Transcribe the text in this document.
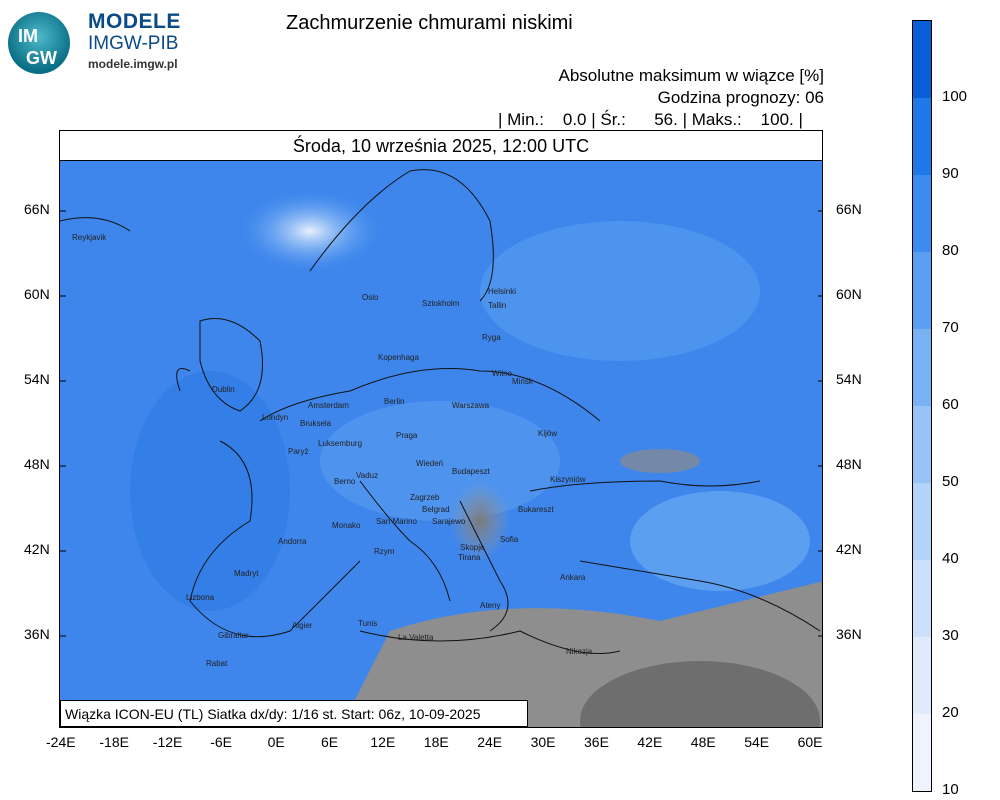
IM
GW
MODELE
IMGW-PIB
modele.imgw.pl
Zachmurzenie chmurami niskimi
Absolutne maksimum w wiązce [%]
Godzina prognozy: 06
| Min.:    0.0 | Śr.:      56. | Maks.:    100. |
Środa, 10 września 2025, 12:00 UTC
Reykjavik
Oslo
Sztokholm
Helsinki
Tallin
Ryga
Kopenhaga
Wilno
Mińsk
Dublin
Londyn
Amsterdam	Berlin	Warszawa
Bruksela
Luksemburg
Praga	Kijów
Paryż
Wiedeń
Budapeszt
Kiszyniów
Berno
Vaduz
Zagrzeb
Belgrad	Bukareszt
Monako San Marino Sarajewo
Sofia
Andorra
Rzym	Skopje
Tirana
Madryt	Ankara
Lizbona
Ateny
Gibraltar
Algier	Tunis
La Valetta
Rabat
Nikozja
Wiązka ICON-EU (TL) Siatka dx/dy: 1/16 st. Start: 06z, 10-09-2025
66N	66N
60N	60N
54N	54N
48N	48N
42N	42N
36N	36N
-24E -18E -12E -6E	0E	6E 12E 18E 24E 30E 36E 42E 48E 54E 60E
100
90
80
70
60
50
40
30
20
10
